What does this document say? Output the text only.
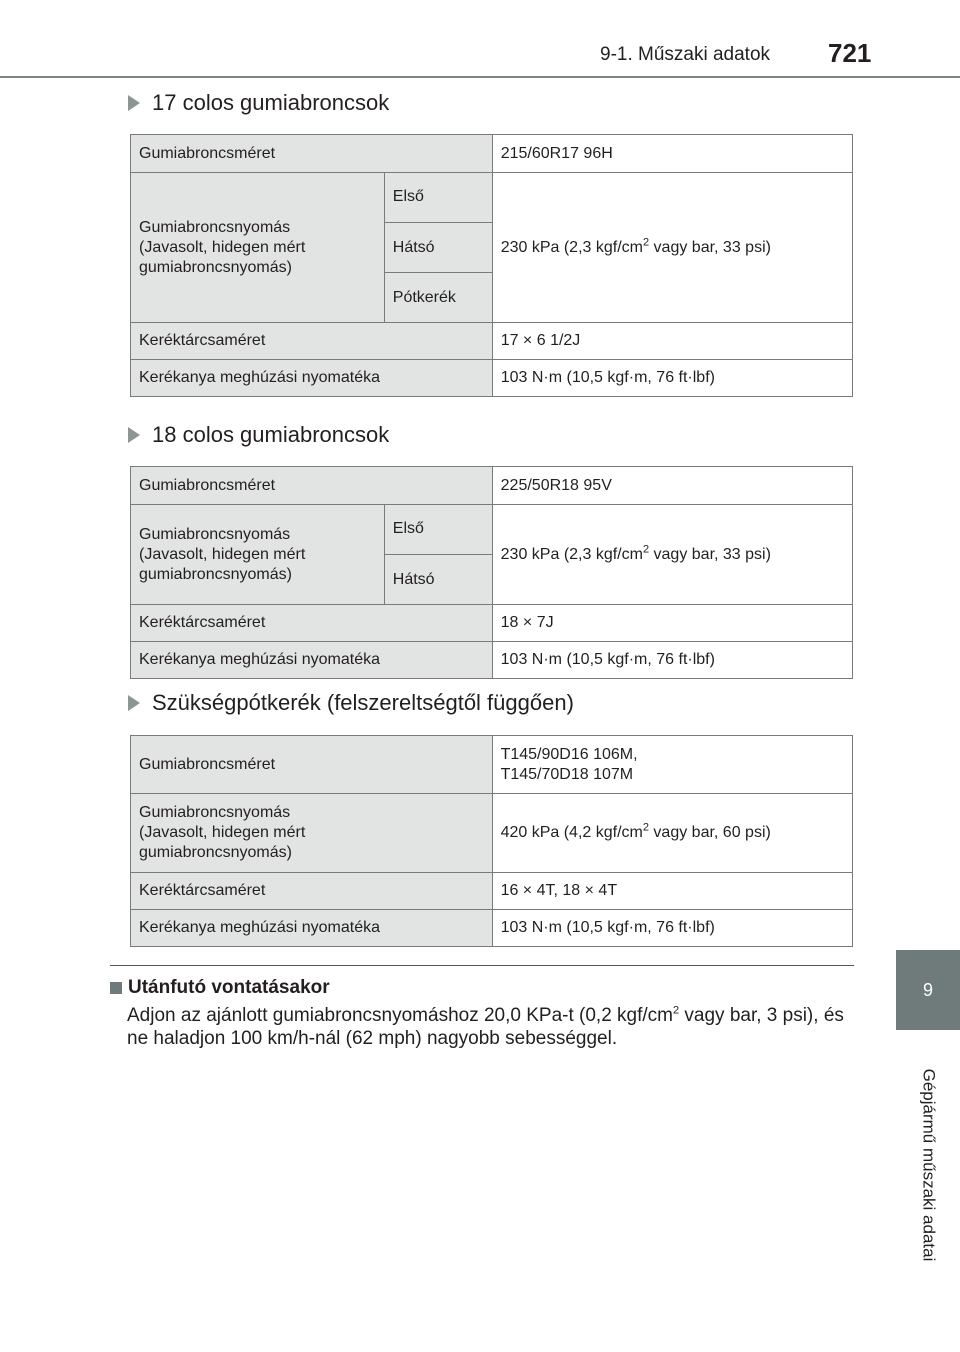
9-1. Műszaki adatok 721
9
Gépjármű műszaki adatai
17 colos gumiabroncsok
Gumiabroncsméret		215/60R17 96H

Gumiabroncsnyomás
(Javasolt, hidegen mért
gumiabroncsnyomás)	Első	230 kPa (2,3 kgf/$cm^2$ vagy bar, 33 psi)
	Hátsó	
	Pótkerék	
Keréktárcsaméret		17 × 6 1/2J
Kerékanya meghúzási nyomatéka		103 N·m (10,5 kgf·m, 76 ft·lbf)
18 colos gumiabroncsok
Gumiabroncsméret		225/50R18 95V

Gumiabroncsnyomás
(Javasolt, hidegen mért
gumiabroncsnyomás)	Első	230 kPa (2,3 kgf/$cm^2$ vagy bar, 33 psi)
	Hátsó	
Keréktárcsaméret		18 × 7J
Kerékanya meghúzási nyomatéka		103 N·m (10,5 kgf·m, 76 ft·lbf)
Szükségpótkerék (felszereltségtől függően)
Gumiabroncsméret	T145/90D16 106M,
T145/70D18 107M

Gumiabroncsnyomás
(Javasolt, hidegen mért
gumiabroncsnyomás)	420 kPa (4,2 kgf/$cm^2$ vagy bar, 60 psi)
Keréktárcsaméret	16 × 4T, 18 × 4T
Kerékanya meghúzási nyomatéka	103 N·m (10,5 kgf·m, 76 ft·lbf)
Utánfutó vontatásakor
Adjon az ajánlott gumiabroncsnyomáshoz 20,0 KPa-t (0,2 kgf/$cm^2$ vagy bar, 3 psi), és ne haladjon 100 km/h-nál (62 mph) nagyobb sebességgel.
